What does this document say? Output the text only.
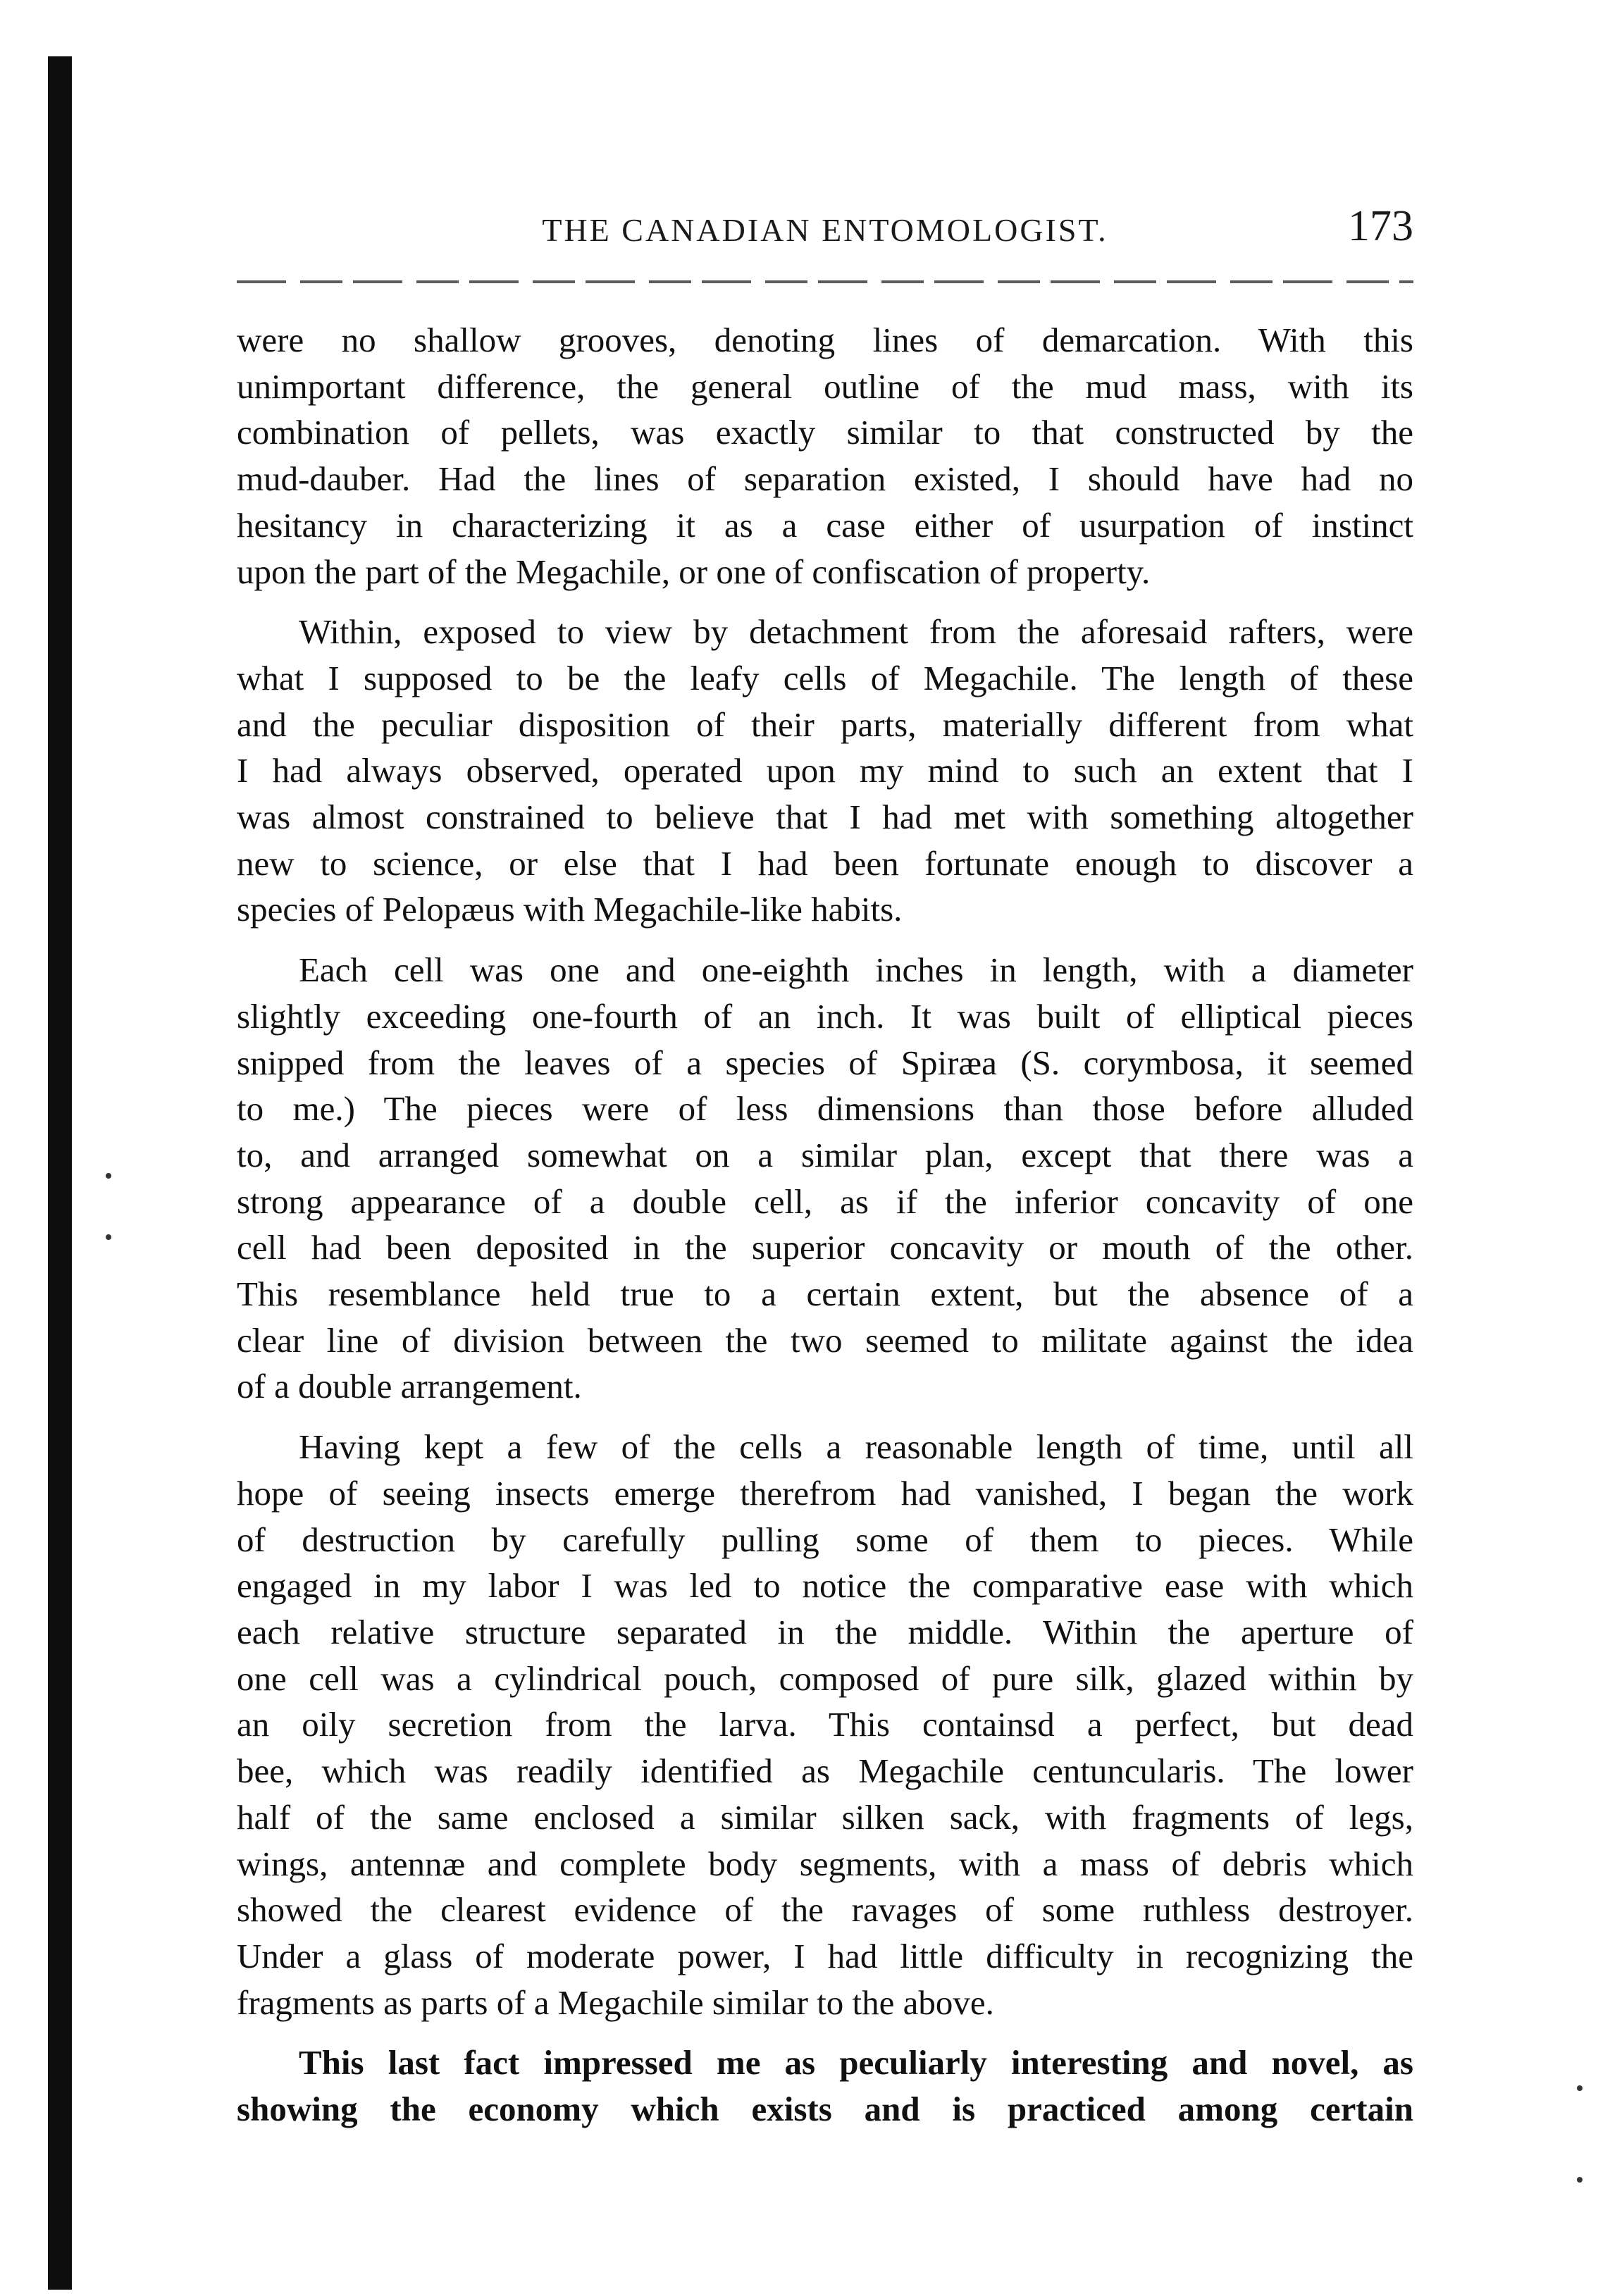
THE CANADIAN ENTOMOLOGIST.	173
were no shallow grooves, denoting lines of demarcation. With this
unimportant difference, the general outline of the mud mass, with its
combination of pellets, was exactly similar to that constructed by the
mud-dauber. Had the lines of separation existed, I should have had no
hesitancy in characterizing it as a case either of usurpation of instinct
upon the part of the Megachile, or one of confiscation of property.
Within, exposed to view by detachment from the aforesaid rafters, were
what I supposed to be the leafy cells of Megachile. The length of these
and the peculiar disposition of their parts, materially different from what
I had always observed, operated upon my mind to such an extent that I
was almost constrained to believe that I had met with something altogether
new to science, or else that I had been fortunate enough to discover a
species of Pelopæus with Megachile-like habits.
Each cell was one and one-eighth inches in length, with a diameter
slightly exceeding one-fourth of an inch. It was built of elliptical pieces
snipped from the leaves of a species of Spiræa (S. corymbosa, it seemed
to me.) The pieces were of less dimensions than those before alluded
to, and arranged somewhat on a similar plan, except that there was a
strong appearance of a double cell, as if the inferior concavity of one
cell had been deposited in the superior concavity or mouth of the other.
This resemblance held true to a certain extent, but the absence of a
clear line of division between the two seemed to militate against the idea
of a double arrangement.
Having kept a few of the cells a reasonable length of time, until all
hope of seeing insects emerge therefrom had vanished, I began the work
of destruction by carefully pulling some of them to pieces. While
engaged in my labor I was led to notice the comparative ease with which
each relative structure separated in the middle. Within the aperture of
one cell was a cylindrical pouch, composed of pure silk, glazed within by
an oily secretion from the larva. This containsd a perfect, but dead
bee, which was readily identified as Megachile centuncularis. The lower
half of the same enclosed a similar silken sack, with fragments of legs,
wings, antennæ and complete body segments, with a mass of debris which
showed the clearest evidence of the ravages of some ruthless destroyer.
Under a glass of moderate power, I had little difficulty in recognizing the
fragments as parts of a Megachile similar to the above.
This last fact impressed me as peculiarly interesting and novel, as
showing the economy which exists and is practiced among certain
